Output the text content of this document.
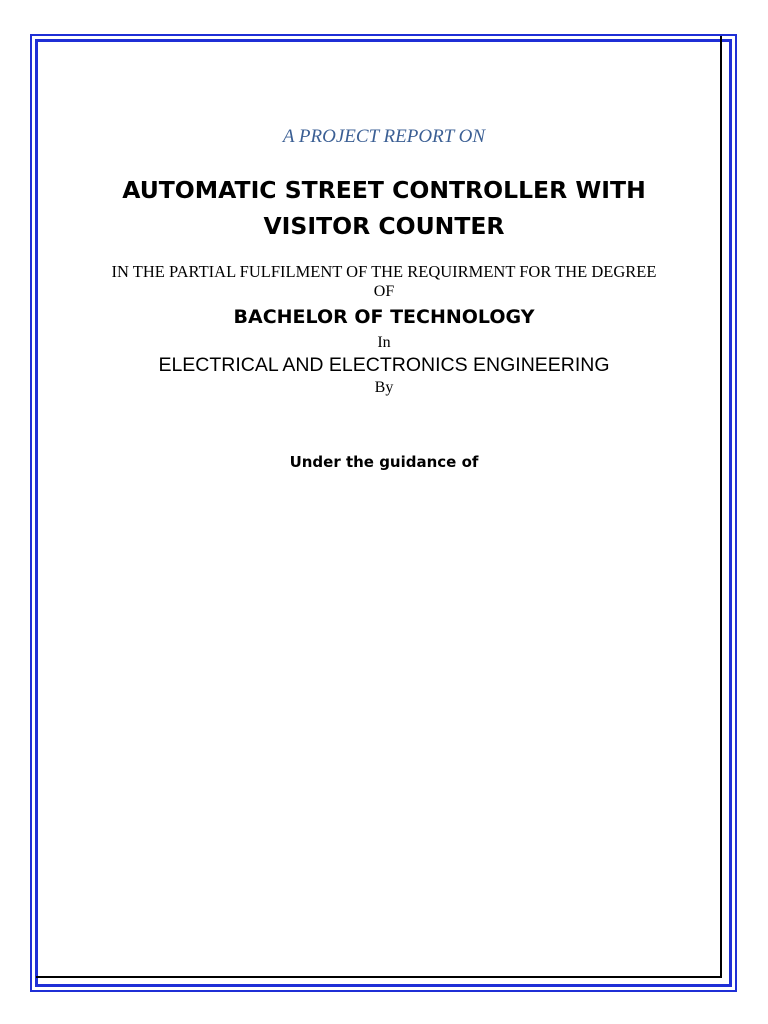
A PROJECT REPORT ON
AUTOMATIC STREET CONTROLLER WITH VISITOR COUNTER
IN THE PARTIAL FULFILMENT OF THE REQUIRMENT FOR THE DEGREE
OF
BACHELOR OF TECHNOLOGY
In
ELECTRICAL AND ELECTRONICS ENGINEERING
By
Under the guidance of
